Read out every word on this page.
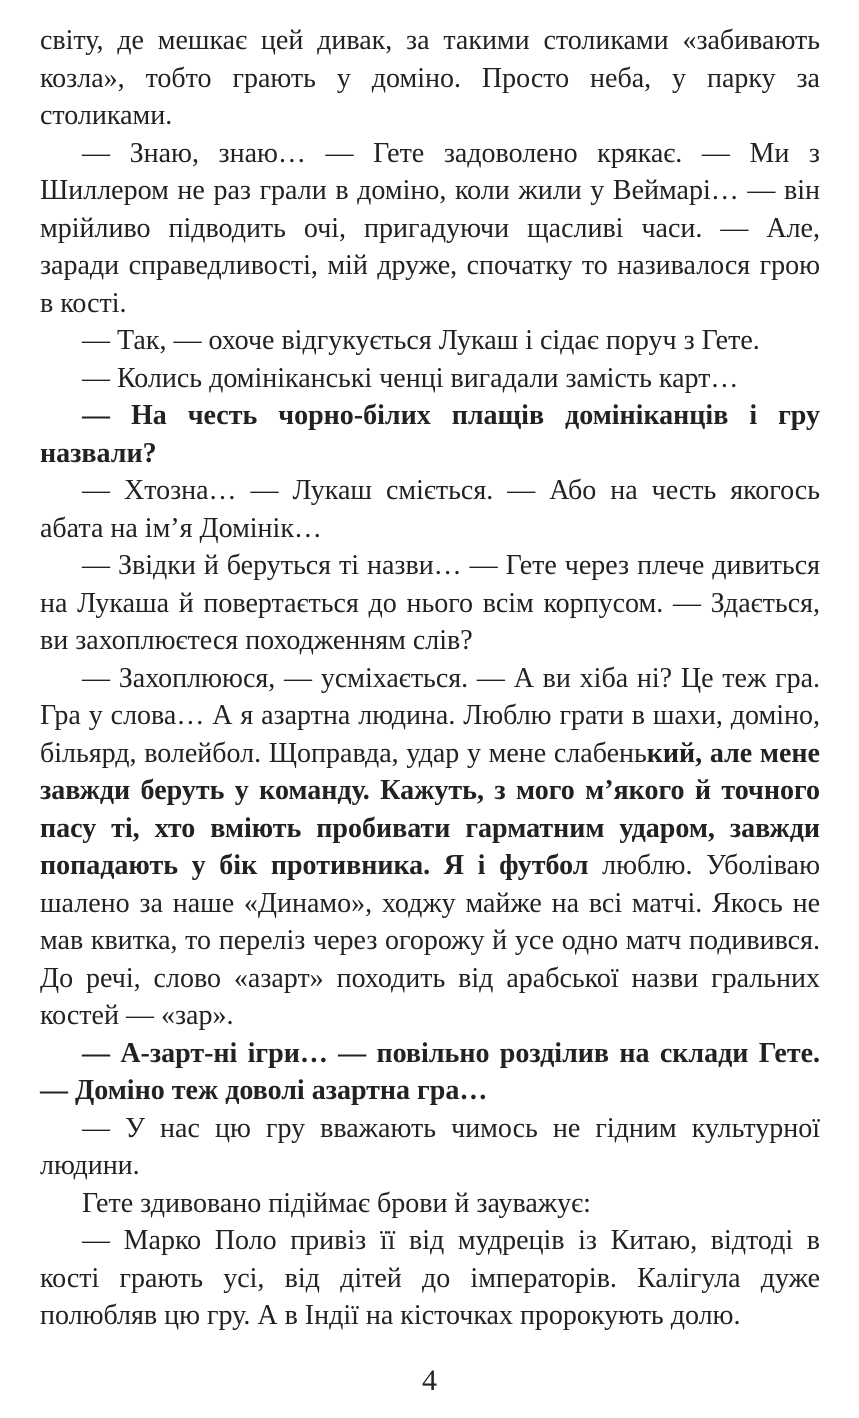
світу, де мешкає цей дивак, за такими столиками «забивають козла», тобто грають у доміно. Просто неба, у парку за столиками.

— Знаю, знаю… — Гете задоволено крякає. — Ми з Шиллером не раз грали в доміно, коли жили у Веймарі… — він мрійливо підводить очі, пригадуючи щасливі часи. — Але, заради справедливості, мій друже, спочатку то називалося грою в кості.

— Так, — охоче відгукується Лукаш і сідає поруч з Гете.

— Колись домініканські ченці вигадали замість карт…

— На честь чорно-білих плащів домініканців і гру назвали?

— Хтозна… — Лукаш сміється. — Або на честь якогось абата на ім’я Домінік…

— Звідки й беруться ті назви… — Гете через плече дивиться на Лукаша й повертається до нього всім корпусом. — Здається, ви захоплюєтеся походженням слів?

— Захоплююся, — усміхається. — А ви хіба ні? Це теж гра. Гра у слова… А я азартна людина. Люблю грати в шахи, доміно, більярд, волейбол. Щоправда, удар у мене слабенький, але мене завжди беруть у команду. Кажуть, з мого м’якого й точного пасу ті, хто вміють пробивати гарматним ударом, завжди попадають у бік противника. Я і футбол люблю. Уболіваю шалено за наше «Динамо», ходжу майже на всі матчі. Якось не мав квитка, то переліз через огорожу й усе одно матч подивився. До речі, слово «азарт» походить від арабської назви гральних костей — «зар».

— А-зарт-ні ігри… — повільно розділив на склади Гете. — Доміно теж доволі азартна гра…

— У нас цю гру вважають чимось не гідним культурної людини.

Гете здивовано підіймає брови й зауважує:

— Марко Поло привіз її від мудреців із Китаю, відтоді в кості грають усі, від дітей до імператорів. Калігула дуже полюбляв цю гру. А в Індії на кісточках пророкують долю.

4
